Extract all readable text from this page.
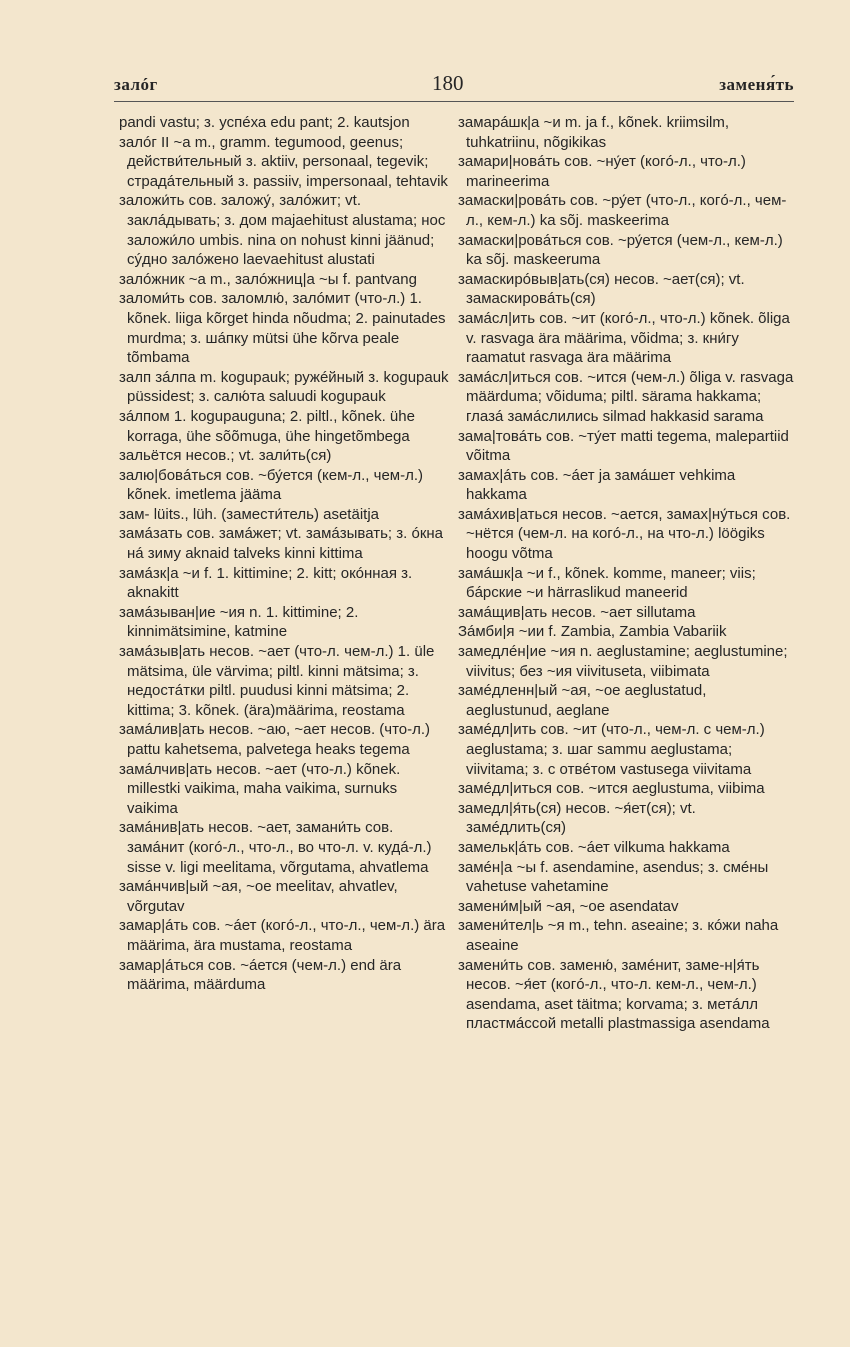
залóг	180	заменя́ть

pandi vastu; з. успéха edu pant; 2. kautsjon

залóг II ~а m., gramm. tegumood, geenus; действи́тельный з. aktiiv, personaal, tegevik; страдáтельный з. passiiv, impersonaal, tehtavik

заложи́ть сов. заложу́, залóжит; vt. заклáдывать; з. дом majaehitust alustama; нос заложи́ло umbis. nina on nohust kinni jäänud; сýдно залóжено laevaehitust alustati

залóжник ~а m., залóжниц|а ~ы f. pantvang

заломи́ть сов. заломлю́, залóмит (что-л.) 1. kõnek. liiga kõrget hinda nõudma; 2. painutades murdma; з. шáпку mütsi ühe kõrva peale tõmbama

залп зáлпа m. kogupauk; ружéйный з. kogupauk püssidest; з. салю́та saluudi kogupauk

зáлпом 1. kogupauguna; 2. piltl., kõnek. ühe korraga, ühe sõõmuga, ühe hingetõmbega

зальётся несов.; vt. зали́ть(ся)

залю|бовáться сов. ~бу́ется (кем-л., чем-л.) kõnek. imetlema jääma

зам- lüits., lüh. (замести́тель) asetäitja

замáзать сов. замáжет; vt. замáзывать; з. óкна нá зиму aknaid talveks kinni kittima

замáзк|а ~и f. 1. kittimine; 2. kitt; окóнная з. aknakitt

замáзыван|ие ~ия n. 1. kittimine; 2. kinnimätsimine, katmine

замáзыв|ать несов. ~ает (что-л. чем-л.) 1. üle mätsima, üle värvima; piltl. kinni mätsima; з. недостáтки piltl. puudusi kinni mätsima; 2. kittima; 3. kõnek. (ära)määrima, reostama

замáлив|ать несов. ~аю, ~ает несов. (что-л.) pattu kahetsema, palvetega heaks tegema

замáлчив|ать несов. ~ает (что-л.) kõnek. millestki vaikima, maha vaikima, surnuks vaikima

замáнив|ать несов. ~ает, замани́ть сов. замáнит (когó-л., что-л., во что-л. v. кудá-л.) sisse v. ligi meelitama, võrgutama, ahvatlema

замáнчив|ый ~ая, ~ое meelitav, ahvatlev, võrgutav

замар|áть сов. ~áет (когó-л., что-л., чем-л.) ära määrima, ära mustama, reostama

замар|áться сов. ~áется (чем-л.) end ära määrima, määrduma

замарáшк|а ~и m. ja f., kõnek. kriimsilm, tuhkatriinu, nõgikikas

замари|новáть сов. ~ну́ет (когó-л., что-л.) marineerima

замаски|ровáть сов. ~ру́ет (что-л., когó-л., чем-л., кем-л.) ka sõj. maskeerima

замаски|ровáться сов. ~ру́ется (чем-л., кем-л.) ka sõj. maskeeruma

замаскирóвыв|ать(ся) несов. ~ает(ся); vt. замаскировáть(ся)

замáсл|ить сов. ~ит (когó-л., что-л.) kõnek. õliga v. rasvaga ära määrima, võidma; з. кни́гу raamatut rasvaga ära määrima

замáсл|иться сов. ~ится (чем-л.) õliga v. rasvaga määrduma; võiduma; piltl. särama hakkama; глазá замáслились silmad hakkasid sarama

зама|товáть сов. ~ту́ет matti tegema, malepartiid võitma

замах|áть сов. ~áет ja замáшет vehkima hakkama

замáхив|аться несов. ~ается, замах|ну́ться сов. ~нётся (чем-л. на когó-л., на что-л.) löögiks hoogu võtma

замáшк|а ~и f., kõnek. komme, maneer; viis; бáрские ~и härraslikud maneerid

замáщив|ать несов. ~ает sillutama

Зáмби|я ~ии f. Zambia, Zambia Vabariik

замедлéн|ие ~ия n. aeglustamine; aeglustumine; viivitus; без ~ия viivituseta, viibimata

замéдленн|ый ~ая, ~ое aeglustatud, aeglustunud, aeglane

замéдл|ить сов. ~ит (что-л., чем-л. с чем-л.) aeglustama; з. шаг sammu aeglustama; viivitama; з. с отвéтом vastusega viivitama

замéдл|иться сов. ~ится aeglustuma, viibima

замедл|я́ть(ся) несов. ~я́ет(ся); vt. замéдлить(ся)

замельк|áть сов. ~áет vilkuma hakkama

замéн|а ~ы f. asendamine, asendus; з. смéны vahetuse vahetamine

замени́м|ый ~ая, ~ое asendatav

замени́тел|ь ~я m., tehn. aseaine; з. кóжи naha aseaine

замени́ть сов. заменю́, замéнит, заме-н|я́ть несов. ~я́ет (когó-л., что-л. кем-л., чем-л.) asendama, aset täitma; korvama; з. метáлл пластмáссой metalli plastmassiga asendama
